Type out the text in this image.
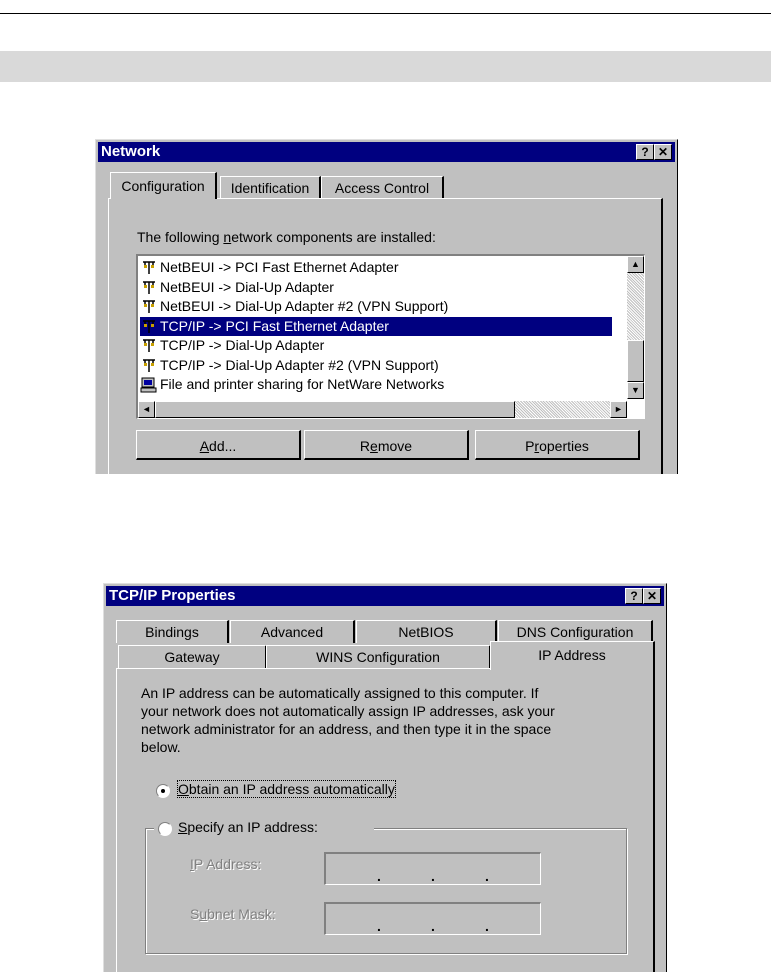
Network	? ✕
Configuration	Identification	Access Control
The following network components are installed:
NetBEUI -> PCI Fast Ethernet Adapter
NetBEUI -> Dial-Up Adapter
NetBEUI -> Dial-Up Adapter #2 (VPN Support)
TCP/IP -> PCI Fast Ethernet Adapter
TCP/IP -> Dial-Up Adapter
TCP/IP -> Dial-Up Adapter #2 (VPN Support)
File and printer sharing for NetWare Networks
▲
▼
◄	►
Add...	Remove	Properties
TCP/IP Properties	? ✕
Bindings	Advanced	NetBIOS	DNS Configuration
Gateway	WINS Configuration	IP Address
An IP address can be automatically assigned to this computer. If
your network does not automatically assign IP addresses, ask your
network administrator for an address, and then type it in the space
below.
Obtain an IP address automatically
Specify an IP address:
IP Address:
.	.	.
Subnet Mask:
.	.	.
